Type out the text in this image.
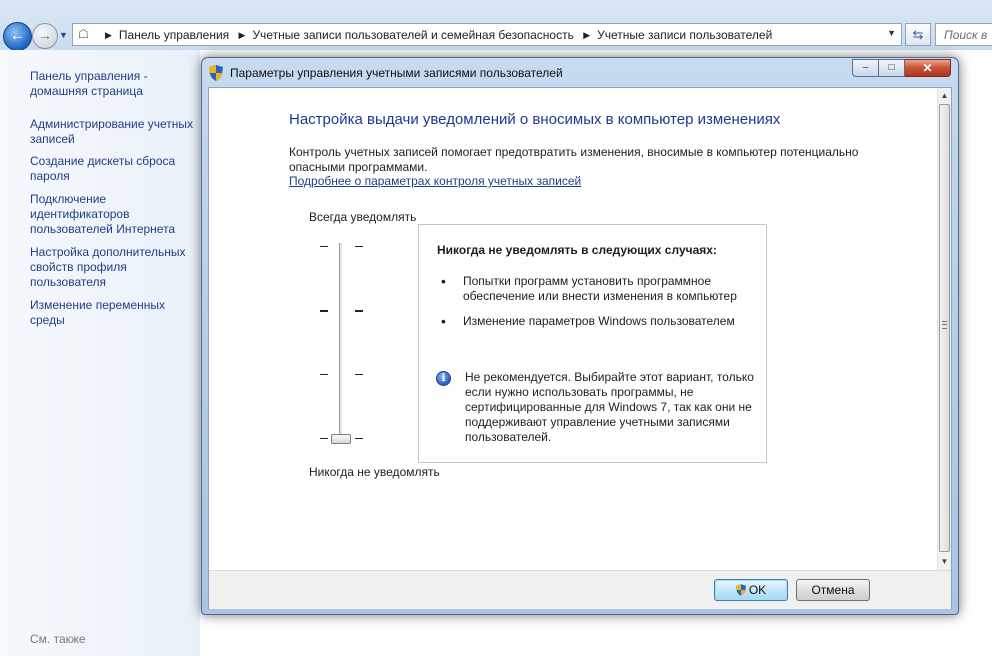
← → ▼ ☖	▶ Панель управления ▶ Учетные записи пользователей и семейная безопасность ▶ Учетные записи пользователей	▼	⇆	Поиск в
Панель управления - домашняя страница
Администрирование учетных записей
Создание дискеты сброса пароля
Подключение идентификаторов пользователей Интернета
Настройка дополнительных свойств профиля пользователя
Изменение переменных среды
См. также
Параметры управления учетными записями пользователей	‒	□	✕
Настройка выдачи уведомлений о вносимых в компьютер изменениях
Контроль учетных записей помогает предотвратить изменения, вносимые в компьютер потенциально опасными программами.
Подробнее о параметрах контроля учетных записей
Всегда уведомлять
Никогда не уведомлять
Никогда не уведомлять в следующих случаях:
• Попытки программ установить программное обеспечение или внести изменения в компьютер
• Изменение параметров Windows пользователем
i	Не рекомендуется. Выбирайте этот вариант, только если нужно использовать программы, не сертифицированные для Windows 7, так как они не поддерживают управление учетными записями пользователей.
▲
▼
OK	Отмена
